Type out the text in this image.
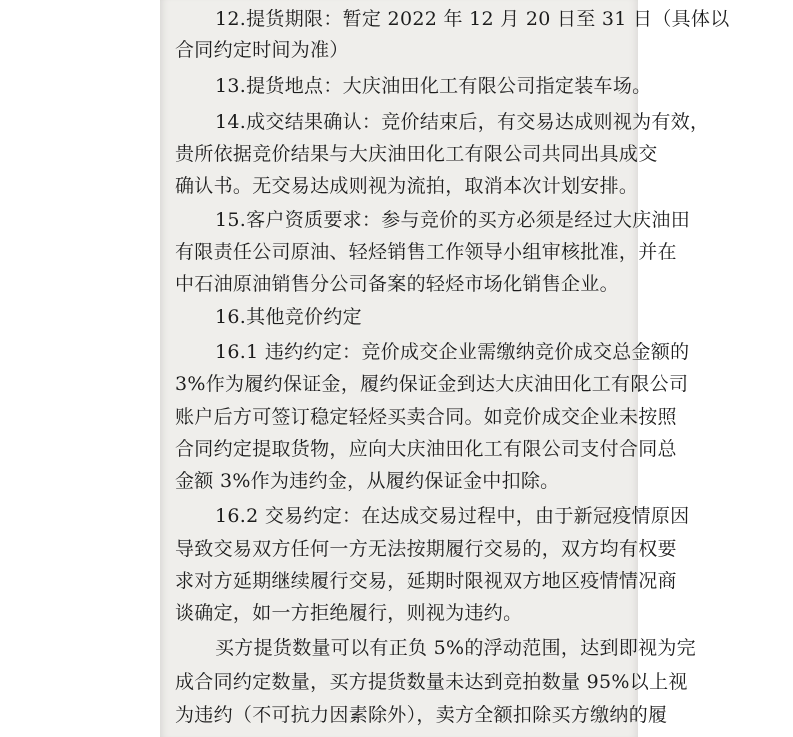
12.提货期限：暂定 2022 年 12 月 20 日至 31 日（具体以
合同约定时间为准）
13.提货地点：大庆油田化工有限公司指定装车场。
14.成交结果确认：竞价结束后，有交易达成则视为有效，
贵所依据竞价结果与大庆油田化工有限公司共同出具成交
确认书。无交易达成则视为流拍，取消本次计划安排。
15.客户资质要求：参与竞价的买方必须是经过大庆油田
有限责任公司原油、轻烃销售工作领导小组审核批准，并在
中石油原油销售分公司备案的轻烃市场化销售企业。
16.其他竞价约定
16.1 违约约定：竞价成交企业需缴纳竞价成交总金额的
3%作为履约保证金，履约保证金到达大庆油田化工有限公司
账户后方可签订稳定轻烃买卖合同。如竞价成交企业未按照
合同约定提取货物，应向大庆油田化工有限公司支付合同总
金额 3%作为违约金，从履约保证金中扣除。
16.2 交易约定：在达成交易过程中，由于新冠疫情原因
导致交易双方任何一方无法按期履行交易的，双方均有权要
求对方延期继续履行交易，延期时限视双方地区疫情情况商
谈确定，如一方拒绝履行，则视为违约。
买方提货数量可以有正负 5%的浮动范围，达到即视为完
成合同约定数量，买方提货数量未达到竞拍数量 95%以上视
为违约（不可抗力因素除外），卖方全额扣除买方缴纳的履
